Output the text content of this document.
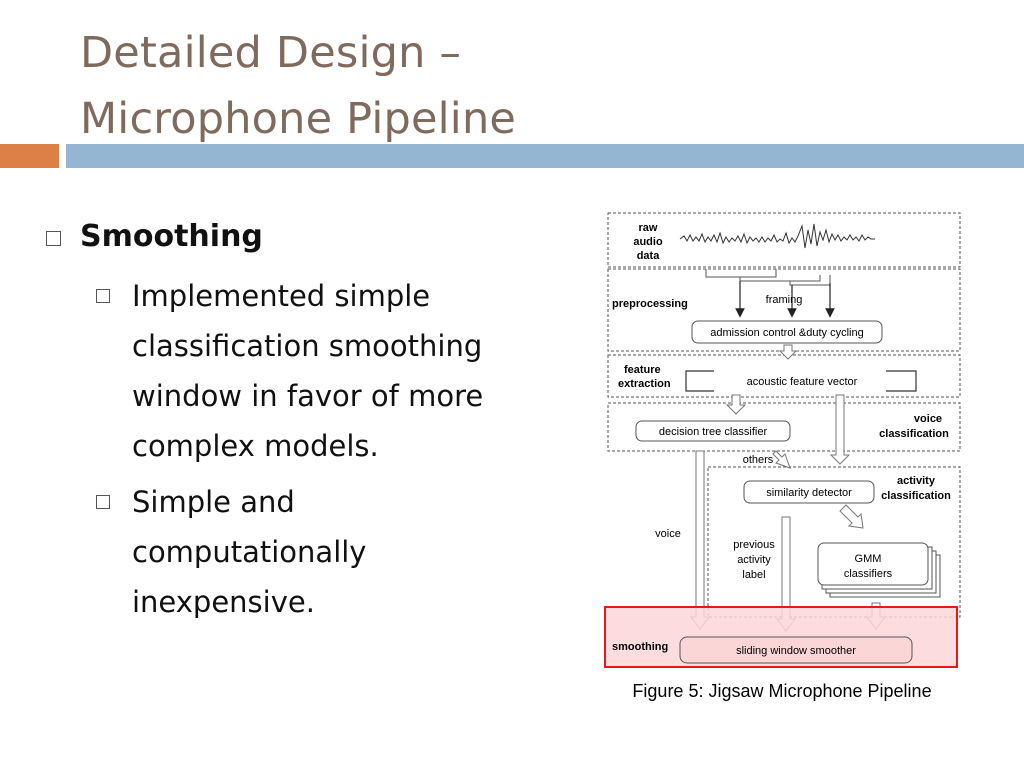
Detailed Design –
Microphone Pipeline
Smoothing
Implemented simple
classification smoothing
window in favor of more
complex models.
Simple and
computationally
inexpensive.
raw
audio
data
preprocessing	framing
admission control &duty cycling
feature
extraction	acoustic feature vector
decision tree classifier
voice
classification
others
activity
classification
similarity detector
GMM
classifiers
voice
previous
activity
label
smoothing	sliding window smoother
Figure 5: Jigsaw Microphone Pipeline
